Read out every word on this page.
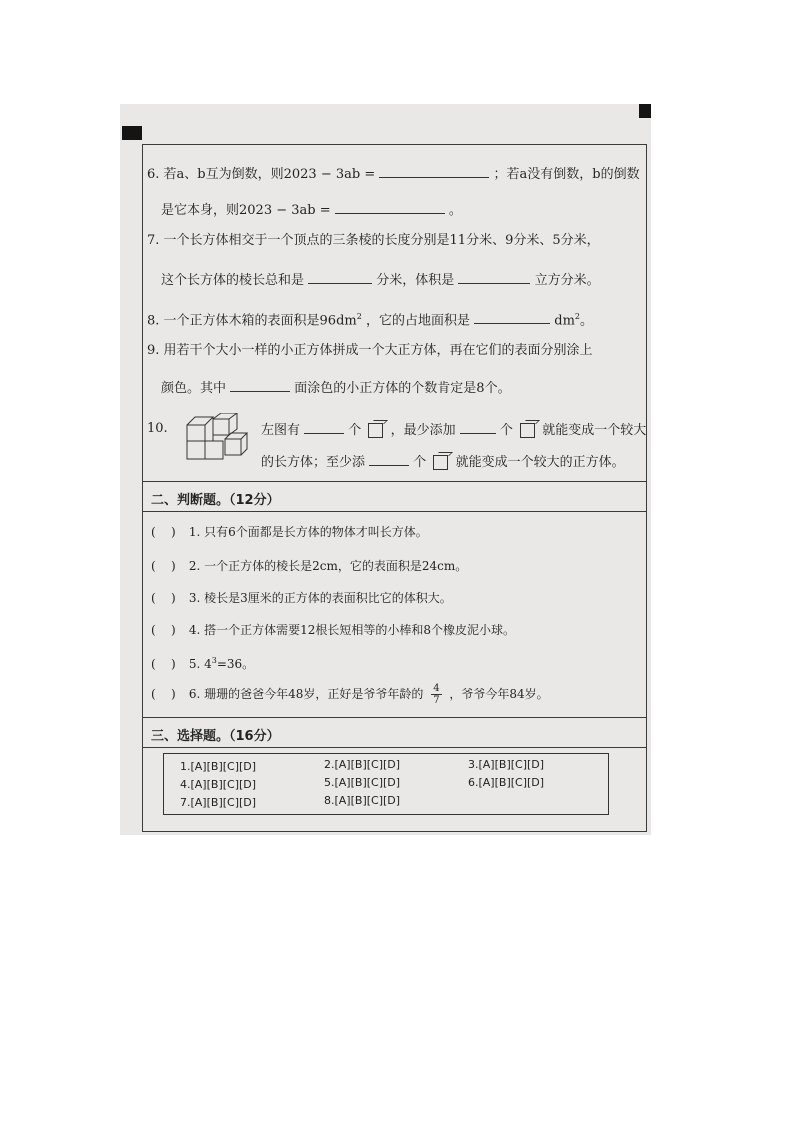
6. 若a、b互为倒数，则2023 − 3ab =	；若a没有倒数，b的倒数
是它本身，则2023 − 3ab =	。
7. 一个长方体相交于一个顶点的三条棱的长度分别是11分米、9分米、5分米，
这个长方体的棱长总和是	分米，体积是	立方分米。
8. 一个正方体木箱的表面积是$96dm^2$ ，它的占地面积是	$dm^2$。
9. 用若干个大小一样的小正方体拼成一个大正方体，再在它们的表面分别涂上
颜色。其中	面涂色的小正方体的个数肯定是8个。
10.	左图有	个 ，最少添加	个 就能变成一个较大
的长方体；至少添	个 就能变成一个较大的正方体。
二、判断题。（12分）
(    ) 1. 只有6个面都是长方体的物体才叫长方体。
(    ) 2. 一个正方体的棱长是2cm，它的表面积是24cm。
(    ) 3. 棱长是3厘米的正方体的表面积比它的体积大。
(    ) 4. 搭一个正方体需要12根长短相等的小棒和8个橡皮泥小球。
(    ) 5. $4^3=36$。
(    ) 6. 珊珊的爸爸今年48岁，正好是爷爷年龄的 $\frac{4}{7}$ ，爷爷今年84岁。
三、选择题。（16分）
1.[A][B][C][D]	2.[A][B][C][D]	3.[A][B][C][D]
4.[A][B][C][D]	5.[A][B][C][D]	6.[A][B][C][D]
7.[A][B][C][D]	8.[A][B][C][D]
